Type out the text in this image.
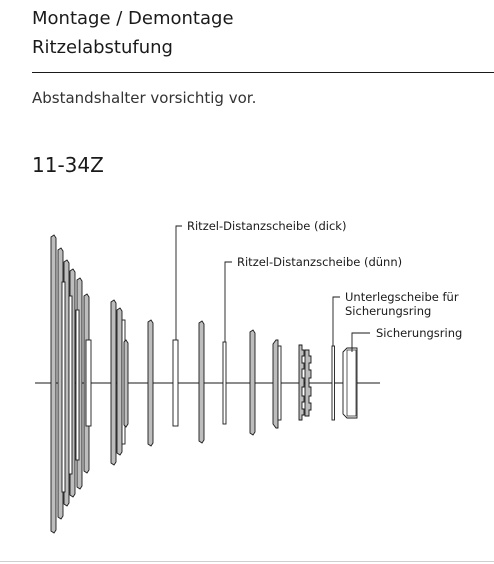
Montage / Demontage
Ritzelabstufung
Abstandshalter vorsichtig vor.
11-34Z
Ritzel-Distanzscheibe (dick)
Ritzel-Distanzscheibe (dünn)
Unterlegscheibe für
Sicherungsring
Sicherungsring
